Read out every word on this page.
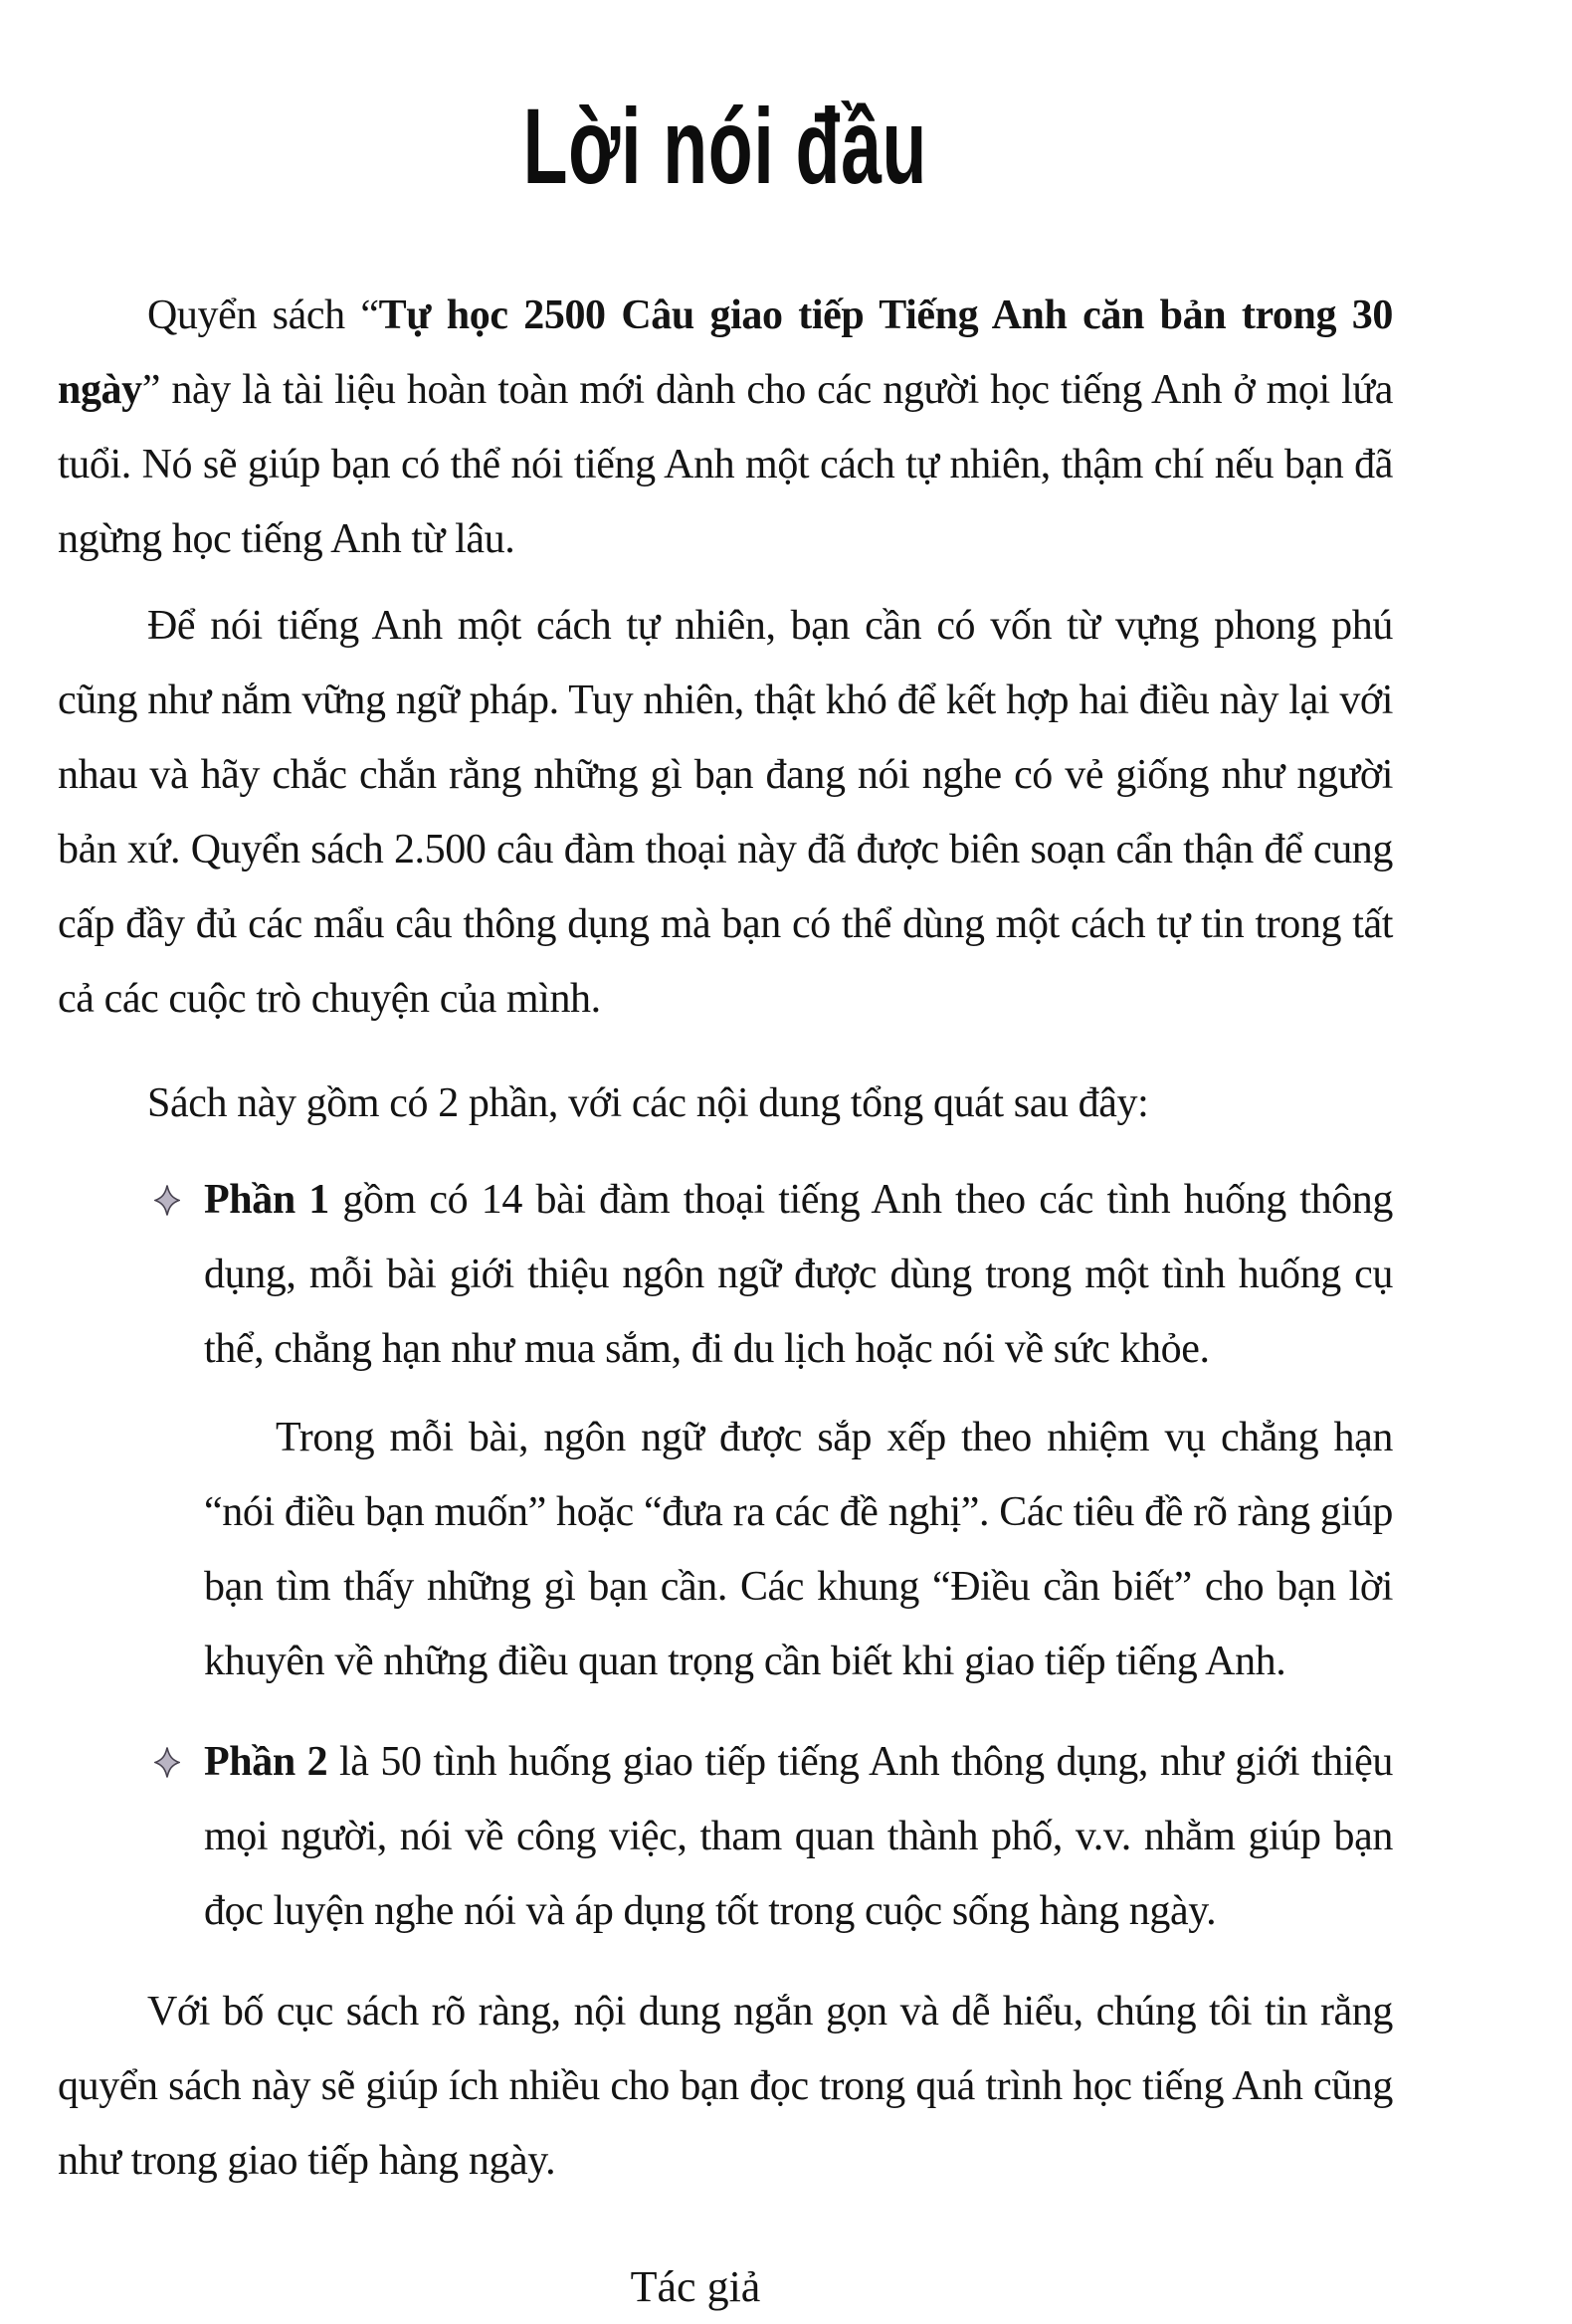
Lời nói đầu

Quyển sách “Tự học 2500 Câu giao tiếp Tiếng Anh căn bản trong 30 ngày” này là tài liệu hoàn toàn mới dành cho các người học tiếng Anh ở mọi lứa tuổi. Nó sẽ giúp bạn có thể nói tiếng Anh một cách tự nhiên, thậm chí nếu bạn đã ngừng học tiếng Anh từ lâu.

Để nói tiếng Anh một cách tự nhiên, bạn cần có vốn từ vựng phong phú cũng như nắm vững ngữ pháp. Tuy nhiên, thật khó để kết hợp hai điều này lại với nhau và hãy chắc chắn rằng những gì bạn đang nói nghe có vẻ giống như người bản xứ. Quyển sách 2.500 câu đàm thoại này đã được biên soạn cẩn thận để cung cấp đầy đủ các mẩu câu thông dụng mà bạn có thể dùng một cách tự tin trong tất cả các cuộc trò chuyện của mình.

Sách này gồm có 2 phần, với các nội dung tổng quát sau đây:

Phần 1 gồm có 14 bài đàm thoại tiếng Anh theo các tình huống thông dụng, mỗi bài giới thiệu ngôn ngữ được dùng trong một tình huống cụ thể, chẳng hạn như mua sắm, đi du lịch hoặc nói về sức khỏe.

Trong mỗi bài, ngôn ngữ được sắp xếp theo nhiệm vụ chẳng hạn “nói điều bạn muốn” hoặc “đưa ra các đề nghị”. Các tiêu đề rõ ràng giúp bạn tìm thấy những gì bạn cần. Các khung “Điều cần biết” cho bạn lời khuyên về những điều quan trọng cần biết khi giao tiếp tiếng Anh.

Phần 2 là 50 tình huống giao tiếp tiếng Anh thông dụng, như giới thiệu mọi người, nói về công việc, tham quan thành phố, v.v. nhằm giúp bạn đọc luyện nghe nói và áp dụng tốt trong cuộc sống hàng ngày.

Với bố cục sách rõ ràng, nội dung ngắn gọn và dễ hiểu, chúng tôi tin rằng quyển sách này sẽ giúp ích nhiều cho bạn đọc trong quá trình học tiếng Anh cũng như trong giao tiếp hàng ngày.

Tác giả
